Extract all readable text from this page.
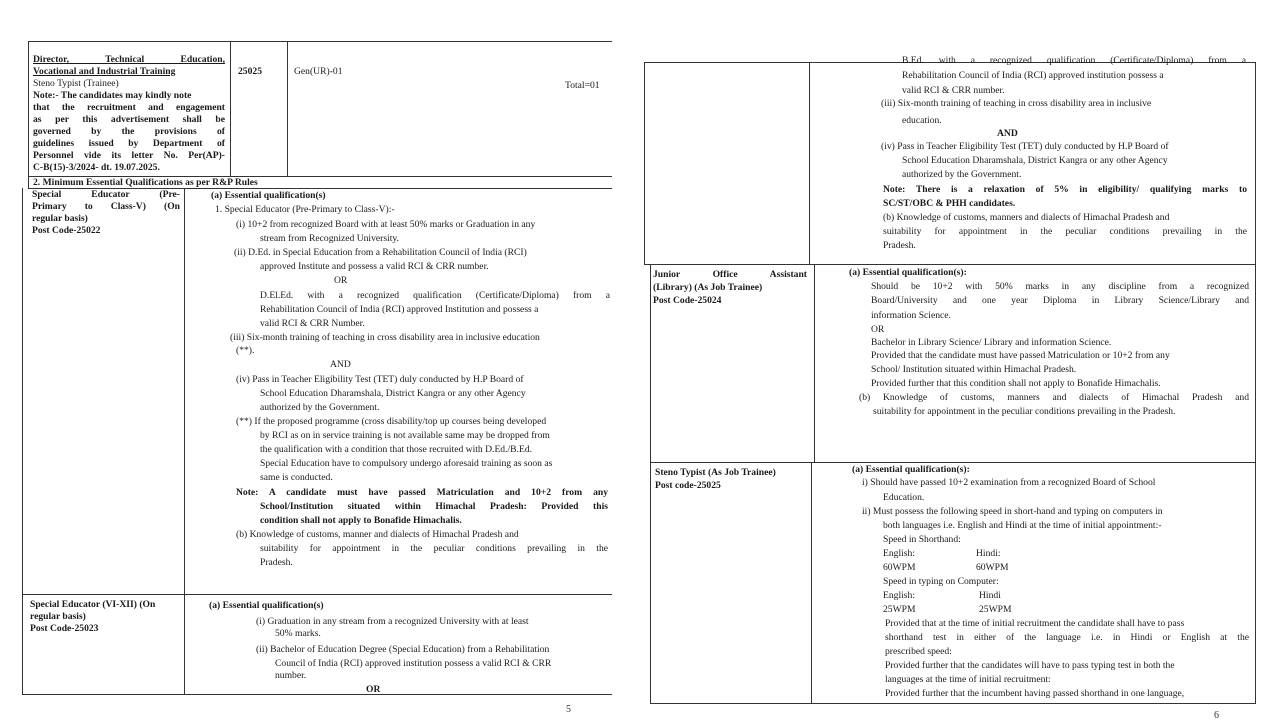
Director, Technical Education,
Vocational and Industrial Training
Steno Typist (Trainee)
Note:- The candidates may kindly note
that the recruitment and engagement
as per this advertisement shall be
governed by the provisions of
guidelines issued by Department of
Personnel vide its letter No. Per(AP)-
C-B(15)-3/2024- dt. 19.07.2025.
25025	Gen(UR)-01
Total=01
2. Minimum Essential Qualifications as per R&P Rules
Special Educator (Pre-
Primary to Class-V) (On
regular basis)
Post Code-25022
(a) Essential qualification(s)
1. Special Educator (Pre-Primary to Class-V):-
(i) 10+2 from recognized Board with at least 50% marks or Graduation in any
stream from Recognized University.
(ii) D.Ed. in Special Education from a Rehabilitation Council of India (RCI)
approved Institute and possess a valid RCI & CRR number.
OR
D.El.Ed. with a recognized qualification (Certificate/Diploma) from a
Rehabilitation Council of India (RCI) approved Institution and possess a
valid RCI & CRR Number.
(iii) Six-month training of teaching in cross disability area in inclusive education
(**).
AND
(iv) Pass in Teacher Eligibility Test (TET) duly conducted by H.P Board of
School Education Dharamshala, District Kangra or any other Agency
authorized by the Government.
(**) If the proposed programme (cross disability/top up courses being developed
by RCI as on in service training is not available same may be dropped from
the qualification with a condition that those recruited with D.Ed./B.Ed.
Special Education have to compulsory undergo aforesaid training as soon as
same is conducted.
Note: A candidate must have passed Matriculation and 10+2 from any
School/Institution situated within Himachal Pradesh: Provided this
condition shall not apply to Bonafide Himachalis.
(b) Knowledge of customs, manner and dialects of Himachal Pradesh and
suitability for appointment in the peculiar conditions prevailing in the
Pradesh.
Special Educator (VI-XII) (On
regular basis)
Post Code-25023
(a) Essential qualification(s)
(i) Graduation in any stream from a recognized University with at least
50% marks.
(ii) Bachelor of Education Degree (Special Education) from a Rehabilitation
Council of India (RCI) approved institution possess a valid RCI & CRR
number.
OR
5
B.Ed. with a recognized qualification (Certificate/Diploma) from a
Rehabilitation Council of India (RCI) approved institution possess a
valid RCI & CRR number.
(iii) Six-month training of teaching in cross disability area in inclusive
education.
AND
(iv) Pass in Teacher Eligibility Test (TET) duly conducted by H.P Board of
School Education Dharamshala, District Kangra or any other Agency
authorized by the Government.
Note: There is a relaxation of 5% in eligibility/ qualifying marks to
SC/ST/OBC & PHH candidates.
(b) Knowledge of customs, manners and dialects of Himachal Pradesh and
suitability for appointment in the peculiar conditions prevailing in the
Pradesh.
Junior Office Assistant
(Library) (As Job Trainee)
Post Code-25024
(a) Essential qualification(s):
Should be 10+2 with 50% marks in any discipline from a recognized
Board/University and one year Diploma in Library Science/Library and
information Science.
OR
Bachelor in Library Science/ Library and information Science.
Provided that the candidate must have passed Matriculation or 10+2 from any
School/ Institution situated within Himachal Pradesh.
Provided further that this condition shall not apply to Bonafide Himachalis.
(b) Knowledge of customs, manners and dialects of Himachal Pradesh and
suitability for appointment in the peculiar conditions prevailing in the Pradesh.
Steno Typist (As Job Trainee)
Post code-25025
(a) Essential qualification(s):
i) Should have passed 10+2 examination from a recognized Board of School
Education.
ii) Must possess the following speed in short-hand and typing on computers in
both languages i.e. English and Hindi at the time of initial appointment:-
Speed in Shorthand:
English:	Hindi:
60WPM	60WPM
Speed in typing on Computer:
English:	Hindi
25WPM	25WPM
Provided that at the time of initial recruitment the candidate shall have to pass
shorthand test in either of the language i.e. in Hindi or English at the
prescribed speed:
Provided further that the candidates will have to pass typing test in both the
languages at the time of initial recruitment:
Provided further that the incumbent having passed shorthand in one language,
6
